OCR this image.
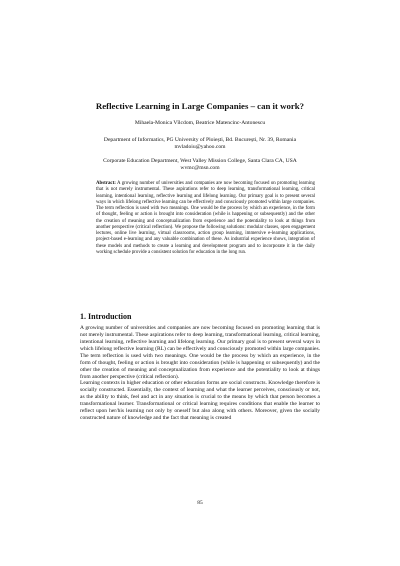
Reflective Learning in Large Companies – can it work?
Mihaela-Monica Vîlcdom, Beatrice Matencinc-Antonescu
Department of Informatics, PG University of Ploiești, Bd. București, Nr. 39, Romania
mvladoiu@yahoo.com
Corporate Education Department, West Valley Mission College, Santa Clara CA, USA
wvmc@msn.com

Abstract: A growing number of universities and companies are now becoming focused on promoting learning that is not merely instrumental. These aspirations refer to deep learning, transformational learning, critical learning, intentional learning, reflective learning and lifelong learning. Our primary goal is to present several ways in which lifelong reflective learning can be effectively and consciously promoted within large companies. The term reflection is used with two meanings. One would be the process by which an experience, in the form of thought, feeling or action is brought into consideration (while is happening or subsequently) and the other the creation of meaning and conceptualization from experience and the potentiality to look at things from another perspective (critical reflection). We propose the following solutions: modular classes, open engagement lectures, online live learning, virtual classrooms, action group learning, immersive e-learning applications, project-based e-learning and any valuable combination of these. As industrial experience shows, integration of these models and methods to create a learning and development program and to incorporate it in the daily working schedule provide a consistent solution for education in the long run.

1. Introduction

A growing number of universities and companies are now becoming focused on promoting learning that is not merely instrumental. These aspirations refer to deep learning, transformational learning, critical learning, intentional learning, reflective learning and lifelong learning. Our primary goal is to present several ways in which lifelong reflective learning (RL) can be effectively and consciously promoted within large companies. The term reflection is used with two meanings. One would be the process by which an experience, in the form of thought, feeling or action is brought into consideration (while is happening or subsequently) and the other the creation of meaning and conceptualization from experience and the potentiality to look at things from another perspective (critical reflection).

Learning contexts in higher education or other education forms are social constructs. Knowledge therefore is socially constructed. Essentially, the context of learning and what the learner perceives, consciously or not, as the ability to think, feel and act in any situation is crucial to the means by which that person becomes a transformational learner. Transformational or critical learning requires conditions that enable the learner to reflect upon her/his learning not only by oneself but also along with others. Moreover, given the socially constructed nature of knowledge and the fact that meaning is created

85
